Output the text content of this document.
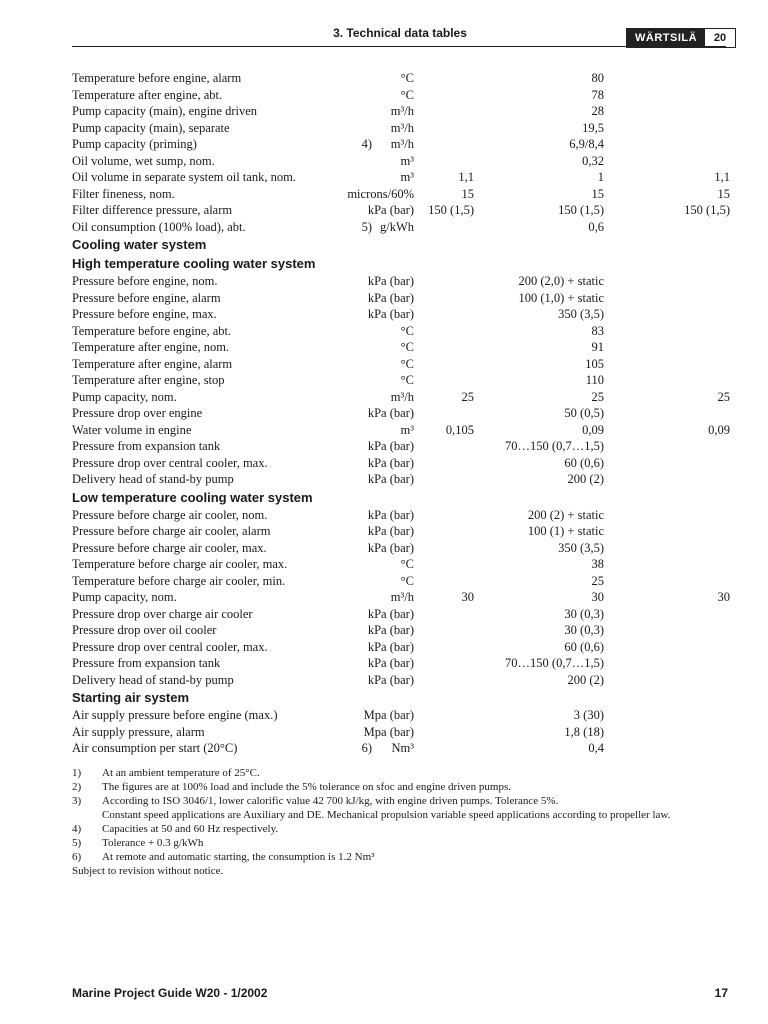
3. Technical data tables	WÄRTSILÄ	20
Temperature before engine, alarm	°C	80
Temperature after engine, abt.	°C	78
Pump capacity (main), engine driven	m³/h	28
Pump capacity (main), separate	m³/h	19,5
Pump capacity (priming)	4) m³/h	6,9/8,4
Oil volume, wet sump, nom.	m³	0,32
Oil volume in separate system oil tank, nom.	m³	1,1	1	1,1
Filter fineness, nom.	microns/60%	15	15	15
Filter difference pressure, alarm	kPa (bar) 150 (1,5)	150 (1,5)	150 (1,5)
Oil consumption (100% load), abt.	5) g/kWh	0,6
Cooling water system
High temperature cooling water system
Pressure before engine, nom.	kPa (bar)	200 (2,0) + static
Pressure before engine, alarm	kPa (bar)	100 (1,0) + static
Pressure before engine, max.	kPa (bar)	350 (3,5)
Temperature before engine, abt.	°C	83
Temperature after engine, nom.	°C	91
Temperature after engine, alarm	°C	105
Temperature after engine, stop	°C	110
Pump capacity, nom.	m³/h	25	25	25
Pressure drop over engine	kPa (bar)	50 (0,5)
Water volume in engine	m³	0,105	0,09	0,09
Pressure from expansion tank	kPa (bar)	70…150 (0,7…1,5)
Pressure drop over central cooler, max.	kPa (bar)	60 (0,6)
Delivery head of stand-by pump	kPa (bar)	200 (2)
Low temperature cooling water system
Pressure before charge air cooler, nom.	kPa (bar)	200 (2) + static
Pressure before charge air cooler, alarm	kPa (bar)	100 (1) + static
Pressure before charge air cooler, max.	kPa (bar)	350 (3,5)
Temperature before charge air cooler, max.	°C	38
Temperature before charge air cooler, min.	°C	25
Pump capacity, nom.	m³/h	30	30	30
Pressure drop over charge air cooler	kPa (bar)	30 (0,3)
Pressure drop over oil cooler	kPa (bar)	30 (0,3)
Pressure drop over central cooler, max.	kPa (bar)	60 (0,6)
Pressure from expansion tank	kPa (bar)	70…150 (0,7…1,5)
Delivery head of stand-by pump	kPa (bar)	200 (2)
Starting air system
Air supply pressure before engine (max.)	Mpa (bar)	3 (30)
Air supply pressure, alarm	Mpa (bar)	1,8 (18)
Air consumption per start (20°C)	6) Nm³	0,4
1) At an ambient temperature of 25°C.
2) The figures are at 100% load and include the 5% tolerance on sfoc and engine driven pumps.
3) According to ISO 3046/1, lower calorific value 42 700 kJ/kg, with engine driven pumps. Tolerance 5%.
Constant speed applications are Auxiliary and DE. Mechanical propulsion variable speed applications according to propeller law.
4) Capacities at 50 and 60 Hz respectively.
5) Tolerance + 0.3 g/kWh
6) At remote and automatic starting, the consumption is 1.2 Nm³
Subject to revision without notice.
Marine Project Guide W20 - 1/2002	17
